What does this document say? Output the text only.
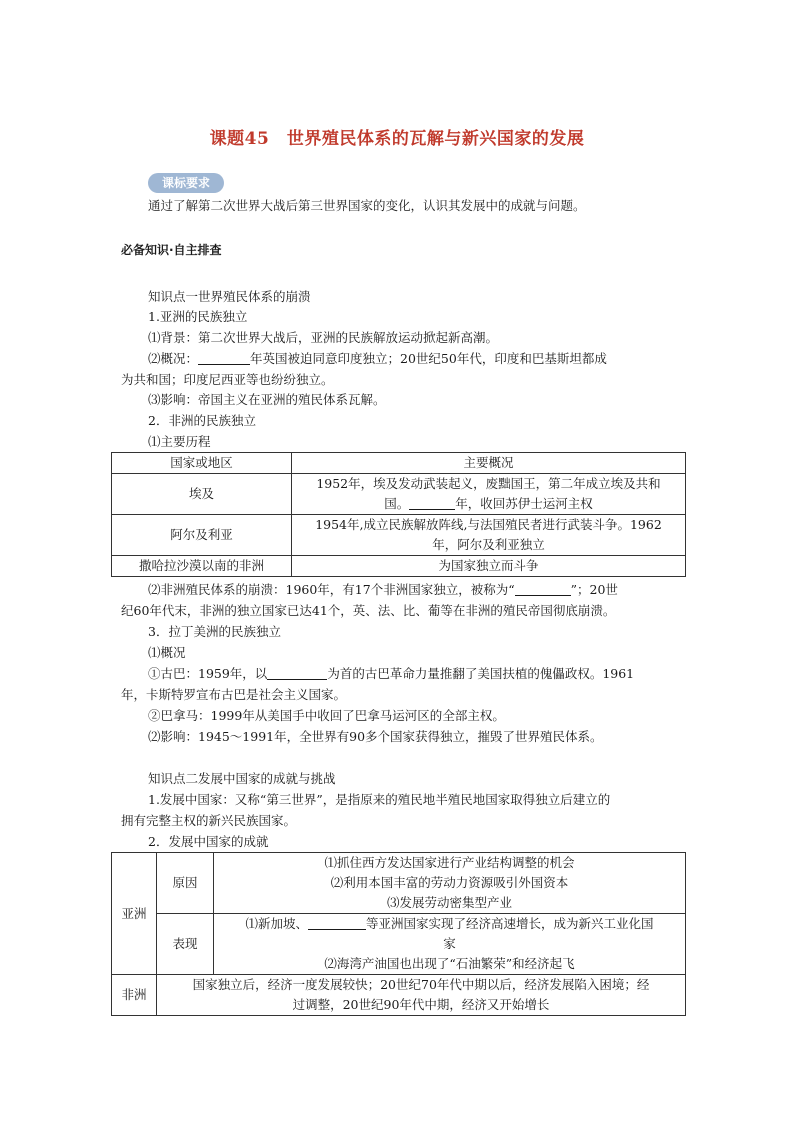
课题45　世界殖民体系的瓦解与新兴国家的发展
课标要求
通过了解第二次世界大战后第三世界国家的变化，认识其发展中的成就与问题。
必备知识·自主排查
知识点一世界殖民体系的崩溃
1.亚洲的民族独立
⑴背景：第二次世界大战后，亚洲的民族解放运动掀起新高潮。
⑵概况：	年英国被迫同意印度独立；20世纪50年代，印度和巴基斯坦都成
为共和国；印度尼西亚等也纷纷独立。
⑶影响：帝国主义在亚洲的殖民体系瓦解。
2．非洲的民族独立
⑴主要历程
国家或地区	主要概况
埃及	1952年，埃及发动武装起义，废黜国王，第二年成立埃及共和
国。 年，收回苏伊士运河主权

阿尔及利亚	1954年,成立民族解放阵线,与法国殖民者进行武装斗争。1962
年，阿尔及利亚独立

撒哈拉沙漠以南的非洲	为国家独立而斗争
⑵非洲殖民体系的崩溃：1960年，有17个非洲国家独立，被称为“	”；20世
纪60年代末，非洲的独立国家已达41个，英、法、比、葡等在非洲的殖民帝国彻底崩溃。
3．拉丁美洲的民族独立
⑴概况
①古巴：1959年，以	为首的古巴革命力量推翻了美国扶植的傀儡政权。1961
年，卡斯特罗宣布古巴是社会主义国家。
②巴拿马：1999年从美国手中收回了巴拿马运河区的全部主权。
⑵影响：1945～1991年，全世界有90多个国家获得独立，摧毁了世界殖民体系。
知识点二发展中国家的成就与挑战
1.发展中国家：又称“第三世界”，是指原来的殖民地半殖民地国家取得独立后建立的
拥有完整主权的新兴民族国家。
2．发展中国家的成就
亚洲	原因	⑴抓住西方发达国家进行产业结构调整的机会
⑵利用本国丰富的劳动力资源吸引外国资本
⑶发展劳动密集型产业

	表现	⑴新加坡、 等亚洲国家实现了经济高速增长，成为新兴工业化国
家
⑵海湾产油国也出现了“石油繁荣”和经济起飞

非洲	国家独立后，经济一度发展较快；20世纪70年代中期以后，经济发展陷入困境；经
过调整，20世纪90年代中期，经济又开始增长	
